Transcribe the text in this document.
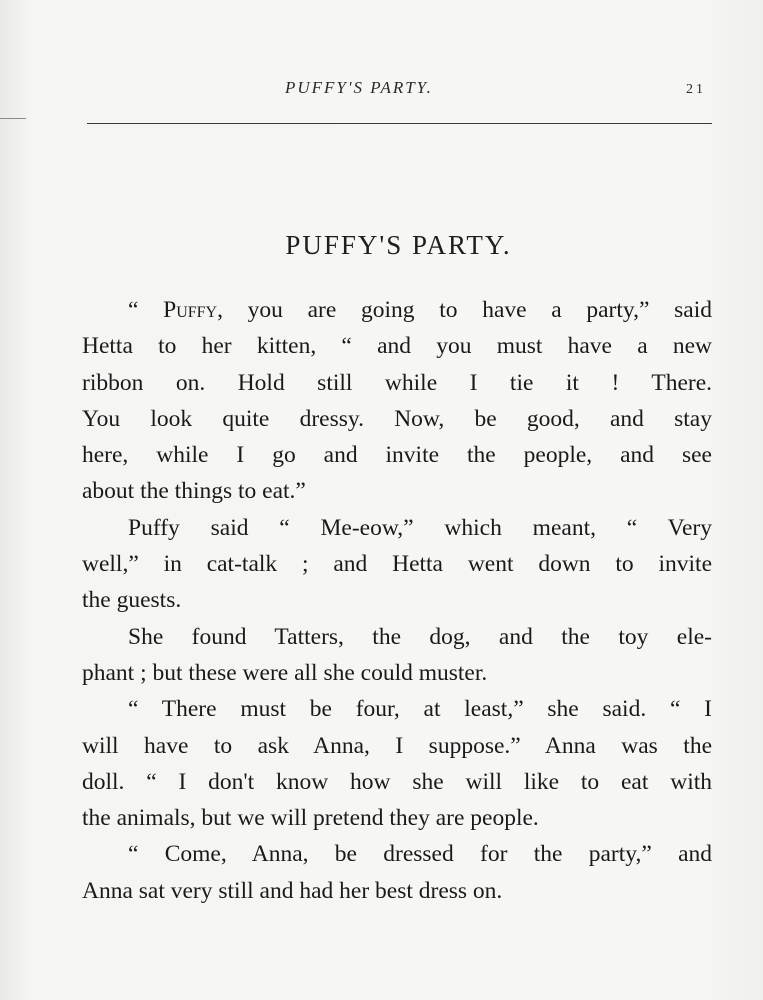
PUFFY'S PARTY.	21
PUFFY'S PARTY.
“ Puffy, you are going to have a party,” said
Hetta to her kitten, “ and you must have a new
ribbon on. Hold still while I tie it ! There.
You look quite dressy. Now, be good, and stay
here, while I go and invite the people, and see
about the things to eat.”
Puffy said “ Me-eow,” which meant, “ Very
well,” in cat-talk ; and Hetta went down to invite
the guests.
She found Tatters, the dog, and the toy ele-
phant ; but these were all she could muster.
“ There must be four, at least,” she said. “ I
will have to ask Anna, I suppose.” Anna was the
doll. “ I don't know how she will like to eat with
the animals, but we will pretend they are people.
“ Come, Anna, be dressed for the party,” and
Anna sat very still and had her best dress on.
